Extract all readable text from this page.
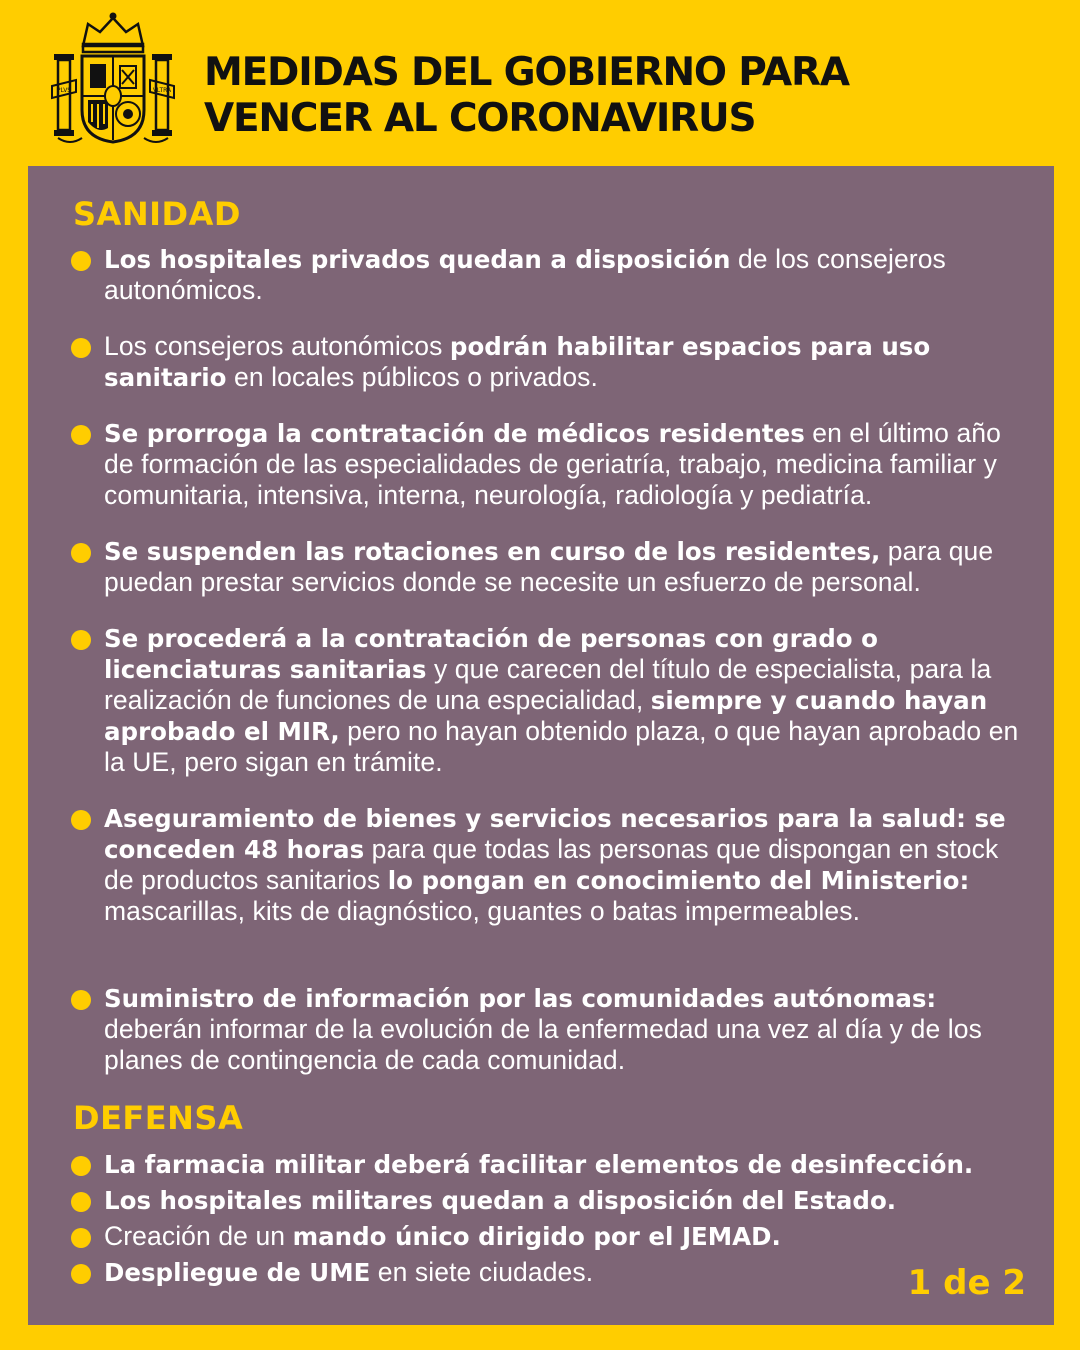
PLVS	VLTRA MEDIDAS DEL GOBIERNO PARA
VENCER AL CORONAVIRUS
SANIDAD
Los hospitales privados quedan a disposición de los consejeros autonómicos.
Los consejeros autonómicos podrán habilitar espacios para uso sanitario en locales públicos o privados.
Se prorroga la contratación de médicos residentes en el último año de formación de las especialidades de geriatría, trabajo, medicina familiar y comunitaria, intensiva, interna, neurología, radiología y pediatría.
Se suspenden las rotaciones en curso de los residentes, para que puedan prestar servicios donde se necesite un esfuerzo de personal.
Se procederá a la contratación de personas con grado o licenciaturas sanitarias y que carecen del título de especialista, para la realización de funciones de una especialidad, siempre y cuando hayan aprobado el MIR, pero no hayan obtenido plaza, o que hayan aprobado en la UE, pero sigan en trámite.
Aseguramiento de bienes y servicios necesarios para la salud: se conceden 48 horas para que todas las personas que dispongan en stock de productos sanitarios lo pongan en conocimiento del Ministerio: mascarillas, kits de diagnóstico, guantes o batas impermeables.
Suministro de información por las comunidades autónomas: deberán informar de la evolución de la enfermedad una vez al día y de los planes de contingencia de cada comunidad.
DEFENSA
La farmacia militar deberá facilitar elementos de desinfección.
Los hospitales militares quedan a disposición del Estado.
Creación de un mando único dirigido por el JEMAD.
Despliegue de UME en siete ciudades.	1 de 2
